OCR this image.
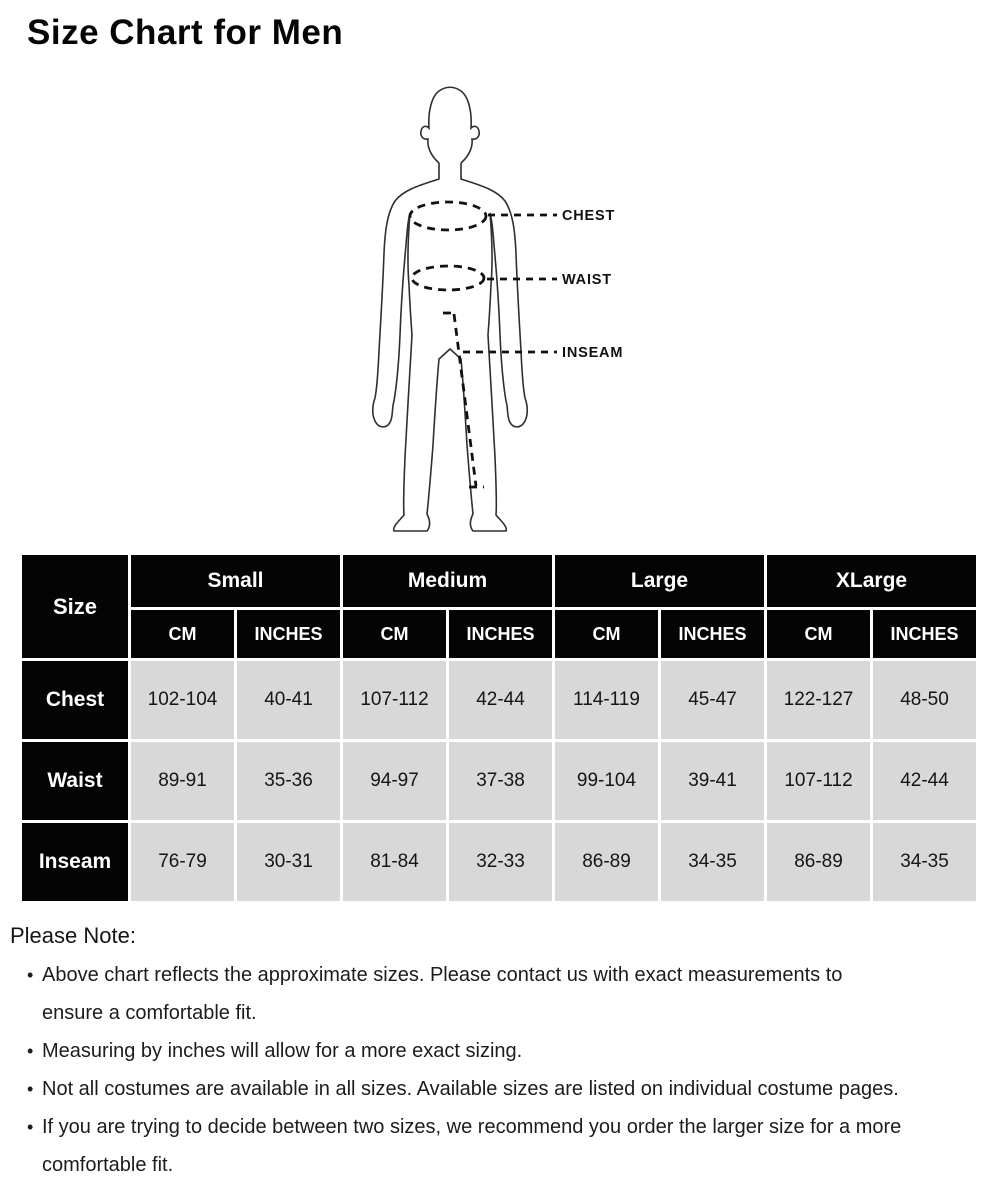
Size Chart for Men
CHEST
WAIST
INSEAM
Size	Small		Medium		Large		XLarge	
	CM	INCHES	CM	INCHES	CM	INCHES	CM	INCHES
Chest	102-104	40-41	107-112	42-44	114-119	45-47	122-127	48-50
Waist	89-91	35-36	94-97	37-38	99-104	39-41	107-112	42-44
Inseam	76-79	30-31	81-84	32-33	86-89	34-35	86-89	34-35
Please Note:
• Above chart reflects the approximate sizes. Please contact us with exact measurements to
ensure a comfortable fit.
• Measuring by inches will allow for a more exact sizing.
• Not all costumes are available in all sizes. Available sizes are listed on individual costume pages.
• If you are trying to decide between two sizes, we recommend you order the larger size for a more
comfortable fit.
